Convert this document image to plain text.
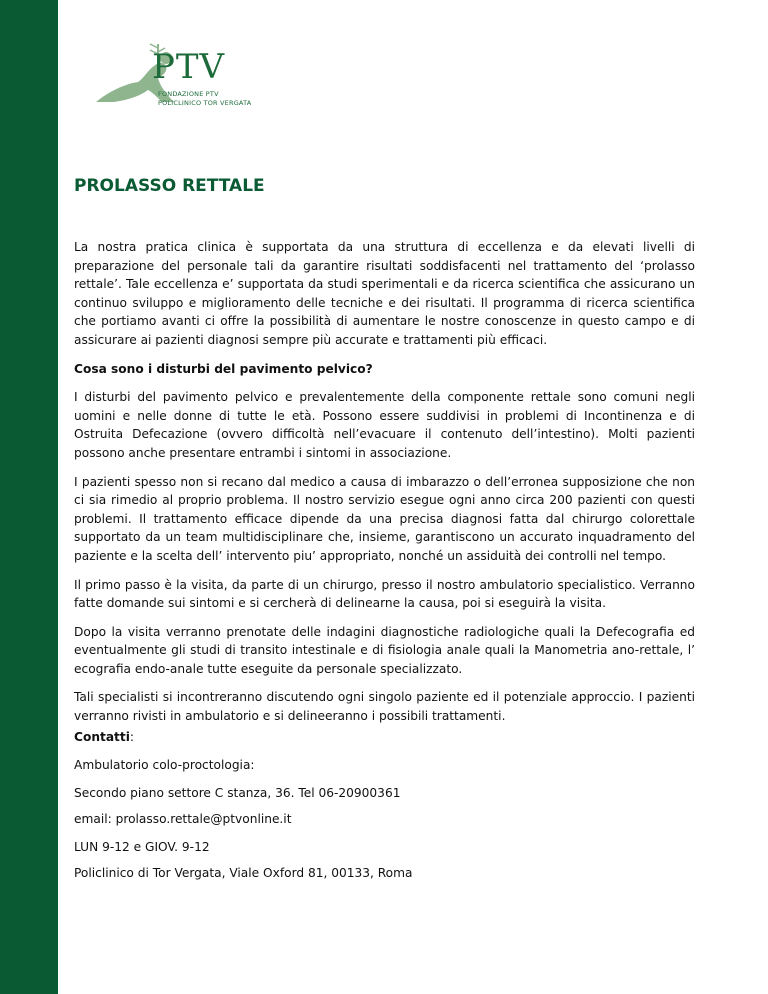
PTV
FONDAZIONE PTV
POLICLINICO TOR VERGATA
PROLASSO RETTALE

La nostra pratica clinica è supportata da una struttura di eccellenza e da elevati livelli di preparazione del personale tali da garantire risultati soddisfacenti nel trattamento del ‘prolasso rettale’. Tale eccellenza e’ supportata da studi sperimentali e da ricerca scientifica che assicurano un continuo sviluppo e miglioramento delle tecniche e dei risultati. Il programma di ricerca scientifica che portiamo avanti ci offre la possibilità di aumentare le nostre conoscenze in questo campo e di assicurare ai pazienti diagnosi sempre più accurate e trattamenti più efficaci.

Cosa sono i disturbi del pavimento pelvico?

I disturbi del pavimento pelvico e prevalentemente della componente rettale sono comuni negli uomini e nelle donne di tutte le età. Possono essere suddivisi in problemi di Incontinenza e di Ostruita Defecazione (ovvero difficoltà nell’evacuare il contenuto dell’intestino). Molti pazienti possono anche presentare entrambi i sintomi in associazione.

I pazienti spesso non si recano dal medico a causa di imbarazzo o dell’erronea supposizione che non ci sia rimedio al proprio problema. Il nostro servizio esegue ogni anno circa 200 pazienti con questi problemi. Il trattamento efficace dipende da una precisa diagnosi fatta dal chirurgo colorettale supportato da un team multidisciplinare che, insieme, garantiscono un accurato inquadramento del paziente e la scelta dell’ intervento piu’ appropriato, nonché un assiduità dei controlli nel tempo.

Il primo passo è la visita, da parte di un chirurgo, presso il nostro ambulatorio specialistico. Verranno fatte domande sui sintomi e si cercherà di delinearne la causa, poi si eseguirà la visita.

Dopo la visita verranno prenotate delle indagini diagnostiche radiologiche quali la Defecografia ed eventualmente gli studi di transito intestinale e di fisiologia anale quali la Manometria ano-rettale, l’ ecografia endo-anale tutte eseguite da personale specializzato.

Tali specialisti si incontreranno discutendo ogni singolo paziente ed il potenziale approccio. I pazienti verranno rivisti in ambulatorio e si delineeranno i possibili trattamenti.

Contatti:
Ambulatorio colo-proctologia:
Secondo piano settore C stanza, 36. Tel 06-20900361
email: prolasso.rettale@ptvonline.it
LUN 9-12 e GIOV. 9-12
Policlinico di Tor Vergata, Viale Oxford 81, 00133, Roma
